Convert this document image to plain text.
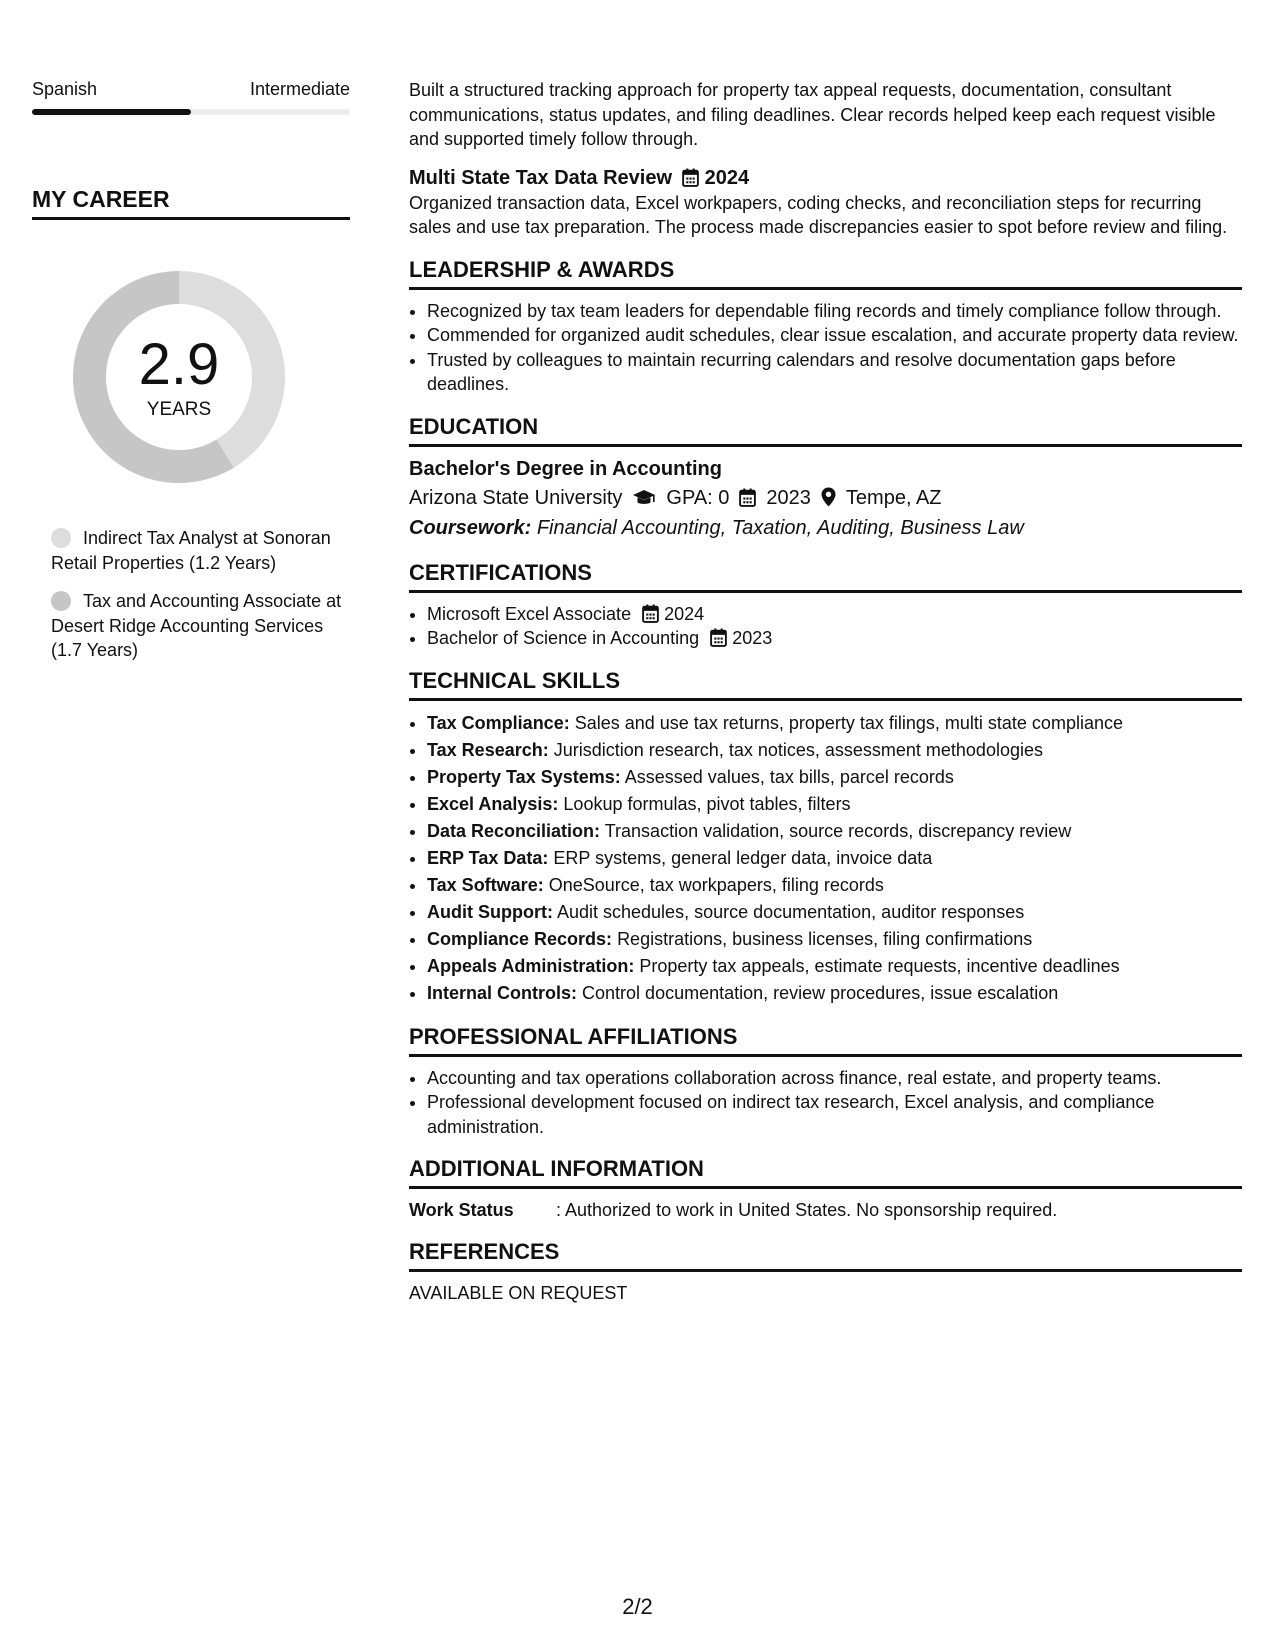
Spanish	Intermediate
MY CAREER
2.9
YEARS
Indirect Tax Analyst at Sonoran Retail Properties (1.2 Years)
Tax and Accounting Associate at Desert Ridge Accounting Services (1.7 Years)

Built a structured tracking approach for property tax appeal requests, documentation, consultant communications, status updates, and filing deadlines. Clear records helped keep each request visible and supported timely follow through.

Multi State Tax Data Review 2024

Organized transaction data, Excel workpapers, coding checks, and reconciliation steps for recurring sales and use tax preparation. The process made discrepancies easier to spot before review and filing.

LEADERSHIP & AWARDS
• Recognized by tax team leaders for dependable filing records and timely compliance follow through.
• Commended for organized audit schedules, clear issue escalation, and accurate property data review.
• Trusted by colleagues to maintain recurring calendars and resolve documentation gaps before deadlines.
EDUCATION
Bachelor's Degree in Accounting
Arizona State University GPA: 0 2023 Tempe, AZ
Coursework: Financial Accounting, Taxation, Auditing, Business Law
CERTIFICATIONS
• Microsoft Excel Associate 2024
• Bachelor of Science in Accounting 2023
TECHNICAL SKILLS
• Tax Compliance: Sales and use tax returns, property tax filings, multi state compliance
• Tax Research: Jurisdiction research, tax notices, assessment methodologies
• Property Tax Systems: Assessed values, tax bills, parcel records
• Excel Analysis: Lookup formulas, pivot tables, filters
• Data Reconciliation: Transaction validation, source records, discrepancy review
• ERP Tax Data: ERP systems, general ledger data, invoice data
• Tax Software: OneSource, tax workpapers, filing records
• Audit Support: Audit schedules, source documentation, auditor responses
• Compliance Records: Registrations, business licenses, filing confirmations
• Appeals Administration: Property tax appeals, estimate requests, incentive deadlines
• Internal Controls: Control documentation, review procedures, issue escalation
PROFESSIONAL AFFILIATIONS
• Accounting and tax operations collaboration across finance, real estate, and property teams.
• Professional development focused on indirect tax research, Excel analysis, and compliance administration.
ADDITIONAL INFORMATION
Work Status : Authorized to work in United States. No sponsorship required.
REFERENCES
AVAILABLE ON REQUEST
2/2
